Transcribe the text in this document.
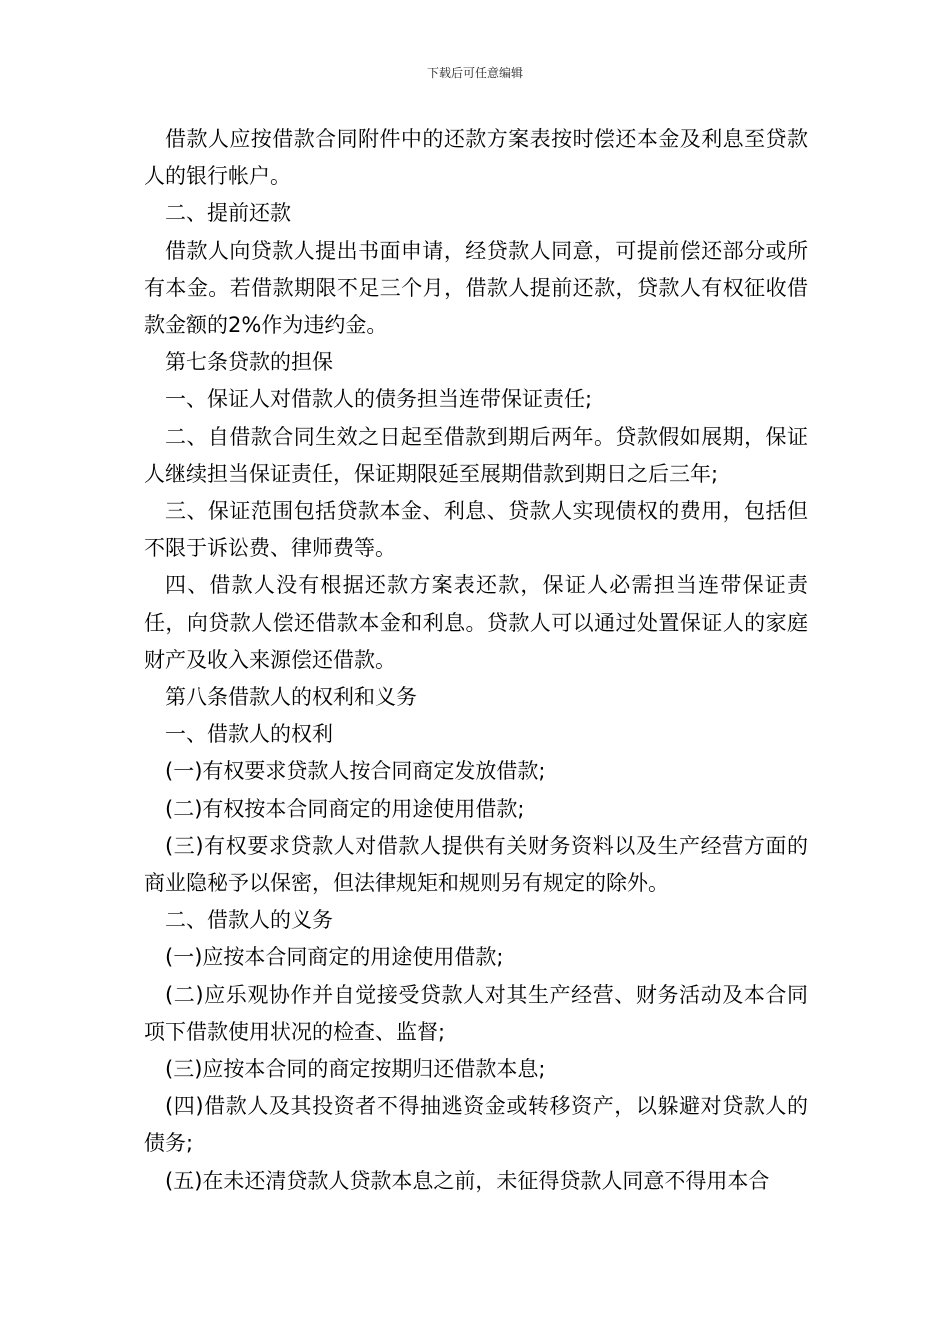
下载后可任意编辑

借款人应按借款合同附件中的还款方案表按时偿还本金及利息至贷款人的银行帐户。

二、提前还款

借款人向贷款人提出书面申请，经贷款人同意，可提前偿还部分或所有本金。若借款期限不足三个月，借款人提前还款，贷款人有权征收借款金额的2%作为违约金。

第七条贷款的担保

一、保证人对借款人的债务担当连带保证责任;

二、自借款合同生效之日起至借款到期后两年。贷款假如展期，保证人继续担当保证责任，保证期限延至展期借款到期日之后三年;

三、保证范围包括贷款本金、利息、贷款人实现债权的费用，包括但不限于诉讼费、律师费等。

四、借款人没有根据还款方案表还款，保证人必需担当连带保证责任，向贷款人偿还借款本金和利息。贷款人可以通过处置保证人的家庭财产及收入来源偿还借款。

第八条借款人的权利和义务

一、借款人的权利

(一)有权要求贷款人按合同商定发放借款;

(二)有权按本合同商定的用途使用借款;

(三)有权要求贷款人对借款人提供有关财务资料以及生产经营方面的商业隐秘予以保密，但法律规矩和规则另有规定的除外。

二、借款人的义务

(一)应按本合同商定的用途使用借款;

(二)应乐观协作并自觉接受贷款人对其生产经营、财务活动及本合同项下借款使用状况的检查、监督;

(三)应按本合同的商定按期归还借款本息;

(四)借款人及其投资者不得抽逃资金或转移资产，以躲避对贷款人的债务;

(五)在未还清贷款人贷款本息之前，未征得贷款人同意不得用本合
